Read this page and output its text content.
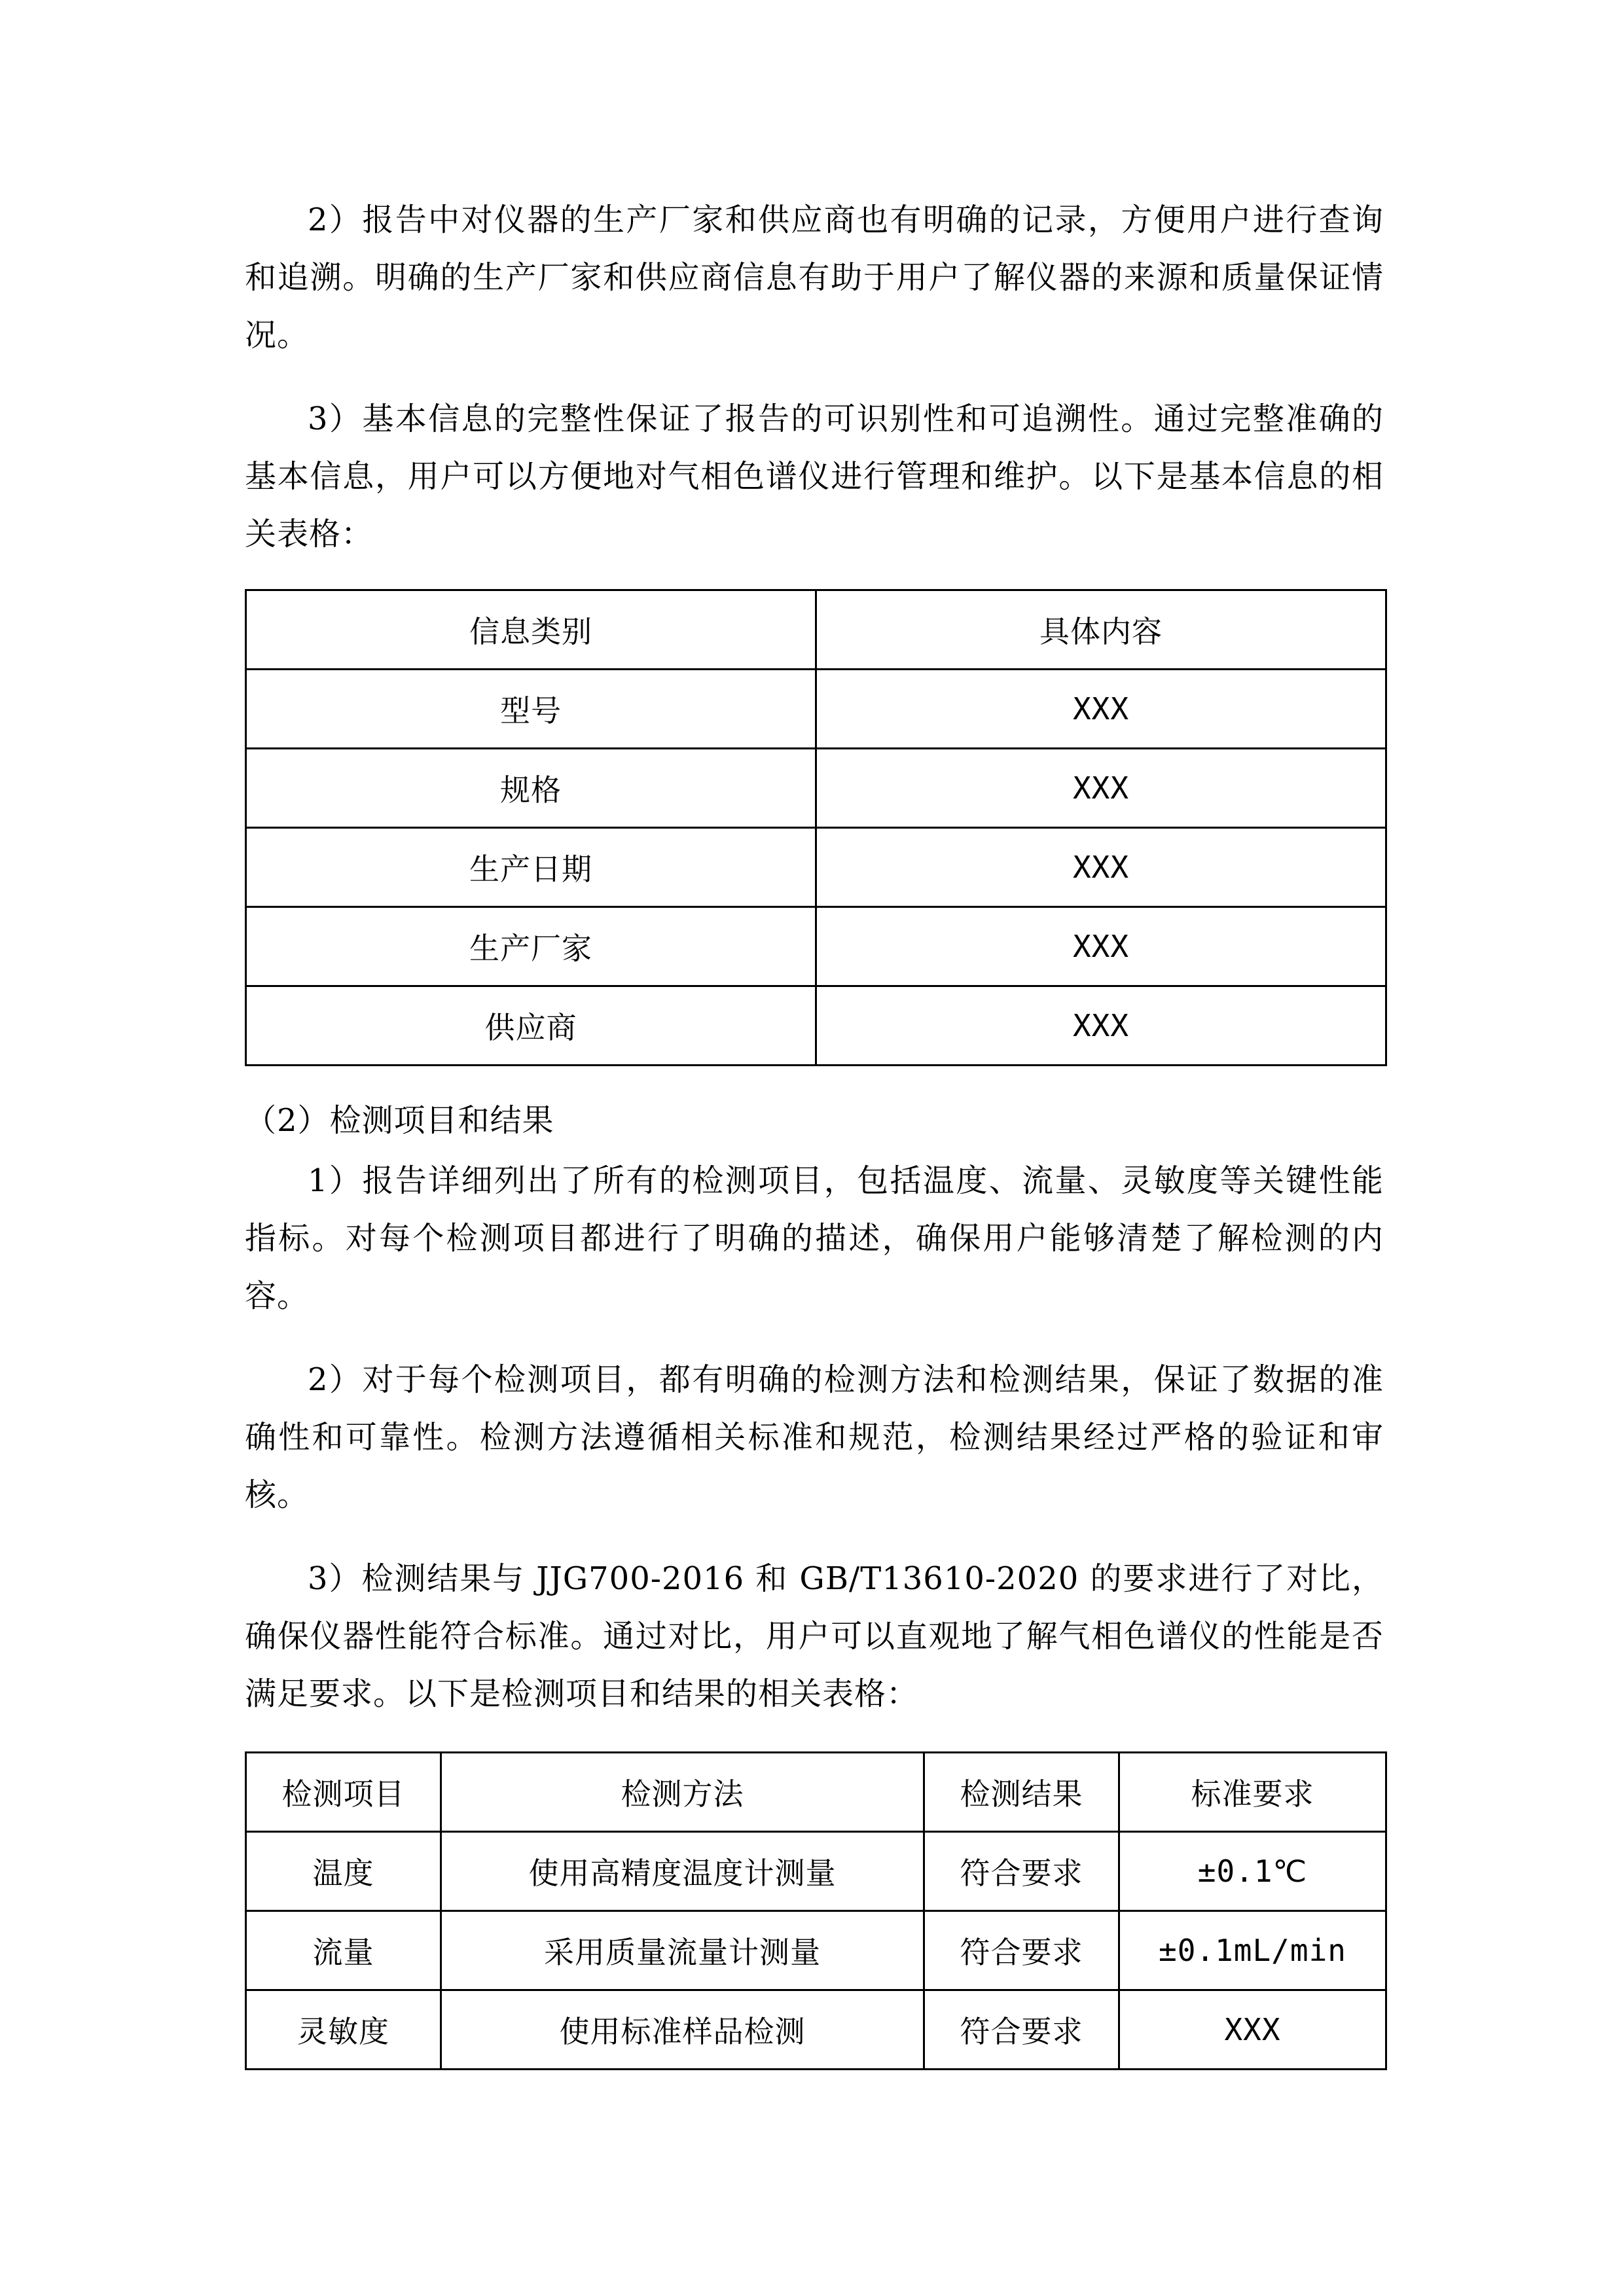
2）报告中对仪器的生产厂家和供应商也有明确的记录，方便用户进行查询和追溯。明确的生产厂家和供应商信息有助于用户了解仪器的来源和质量保证情况。

3）基本信息的完整性保证了报告的可识别性和可追溯性。通过完整准确的基本信息，用户可以方便地对气相色谱仪进行管理和维护。以下是基本信息的相关表格：

信息类别	具体内容
型号	XXX
规格	XXX
生产日期	XXX
生产厂家	XXX
供应商	XXX

（2）检测项目和结果

1）报告详细列出了所有的检测项目，包括温度、流量、灵敏度等关键性能指标。对每个检测项目都进行了明确的描述，确保用户能够清楚了解检测的内容。

2）对于每个检测项目，都有明确的检测方法和检测结果，保证了数据的准确性和可靠性。检测方法遵循相关标准和规范，检测结果经过严格的验证和审核。

3）检测结果与 JJG700-2016 和 GB/T13610-2020 的要求进行了对比，确保仪器性能符合标准。通过对比，用户可以直观地了解气相色谱仪的性能是否满足要求。以下是检测项目和结果的相关表格：

检测项目	检测方法	检测结果	标准要求
温度	使用高精度温度计测量	符合要求	±0.1℃
流量	采用质量流量计测量	符合要求	±0.1mL/min
灵敏度	使用标准样品检测	符合要求	XXX
